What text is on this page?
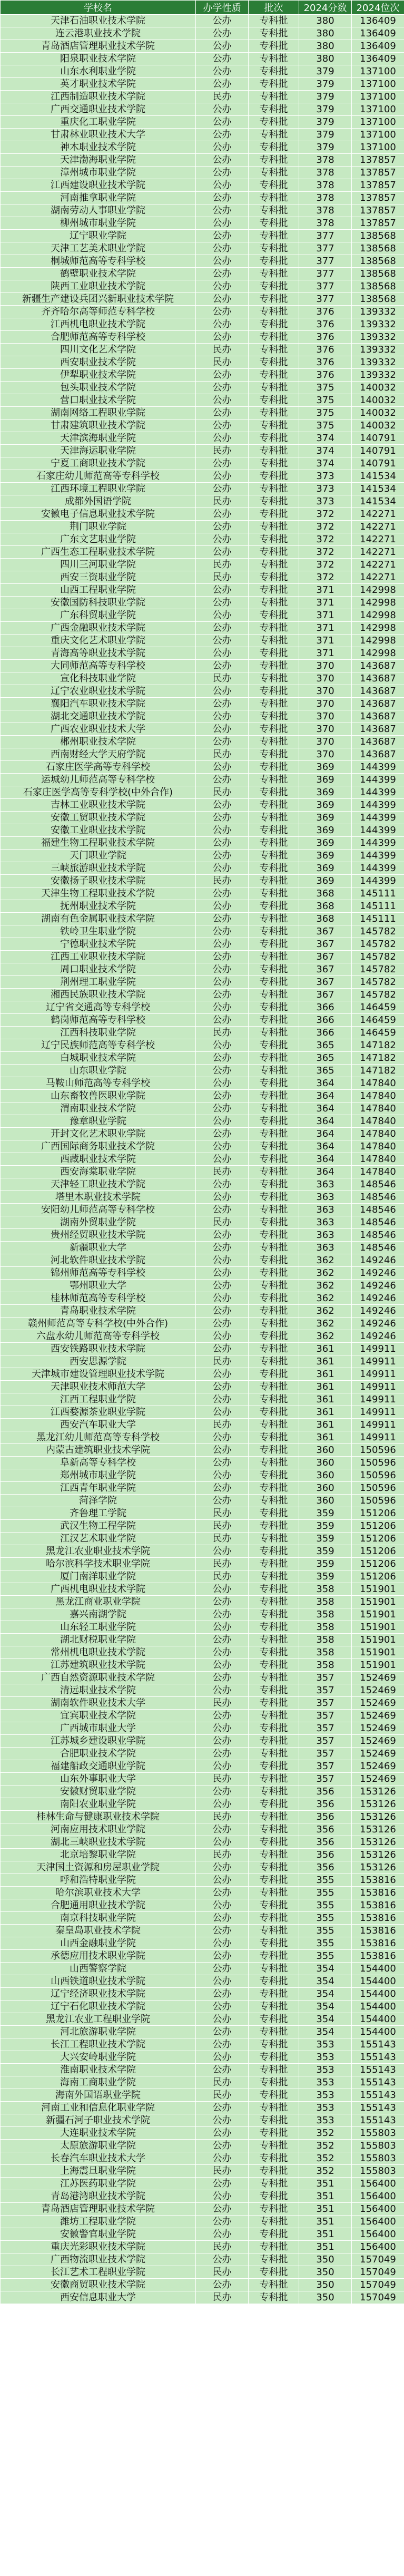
学校名	办学性质	批次	2024分数	2024位次
天津石油职业技术学院	公办	专科批	380	136409
连云港职业技术学院	公办	专科批	380	136409
青岛酒店管理职业技术学院	公办	专科批	380	136409
阳泉职业技术学院	公办	专科批	380	136409
山东水利职业学院	公办	专科批	379	137100
英才职业技术学院	公办	专科批	379	137100
江西制造职业技术学院	民办	专科批	379	137100
广西交通职业技术学院	公办	专科批	379	137100
重庆化工职业学院	公办	专科批	379	137100
甘肃林业职业技术大学	公办	专科批	379	137100
神木职业技术学院	公办	专科批	379	137100
天津渤海职业学院	公办	专科批	378	137857
漳州城市职业学院	公办	专科批	378	137857
江西建设职业技术学院	公办	专科批	378	137857
河南推拿职业学院	公办	专科批	378	137857
湖南劳动人事职业学院	公办	专科批	378	137857
柳州城市职业学院	公办	专科批	378	137857
辽宁职业学院	公办	专科批	377	138568
天津工艺美术职业学院	公办	专科批	377	138568
桐城师范高等专科学校	公办	专科批	377	138568
鹤壁职业技术学院	公办	专科批	377	138568
陕西工业职业技术学院	公办	专科批	377	138568
新疆生产建设兵团兴新职业技术学院	公办	专科批	377	138568
齐齐哈尔高等师范专科学校	公办	专科批	376	139332
江西机电职业技术学院	公办	专科批	376	139332
合肥师范高等专科学校	公办	专科批	376	139332
四川文化艺术学院	民办	专科批	376	139332
西安职业技术学院	民办	专科批	376	139332
伊犁职业技术学院	公办	专科批	376	139332
包头职业技术学院	公办	专科批	375	140032
营口职业技术学院	公办	专科批	375	140032
湖南网络工程职业学院	公办	专科批	375	140032
甘肃建筑职业技术学院	公办	专科批	375	140032
天津滨海职业学院	公办	专科批	374	140791
天津海运职业学院	民办	专科批	374	140791
宁夏工商职业技术学院	公办	专科批	374	140791
石家庄幼儿师范高等专科学校	公办	专科批	373	141534
江西环境工程职业学院	公办	专科批	373	141534
成都外国语学院	民办	专科批	373	141534
安徽电子信息职业技术学院	公办	专科批	372	142271
荆门职业学院	公办	专科批	372	142271
广东文艺职业学院	公办	专科批	372	142271
广西生态工程职业技术学院	公办	专科批	372	142271
四川三河职业学院	民办	专科批	372	142271
西安三资职业学院	民办	专科批	372	142271
山西工程职业学院	公办	专科批	371	142998
安徽国防科技职业学院	公办	专科批	371	142998
广东科贸职业学院	公办	专科批	371	142998
广西金融职业技术学院	公办	专科批	371	142998
重庆文化艺术职业学院	公办	专科批	371	142998
青海高等职业技术学院	公办	专科批	371	142998
大同师范高等专科学校	公办	专科批	370	143687
宣化科技职业学院	民办	专科批	370	143687
辽宁农业职业技术学院	公办	专科批	370	143687
襄阳汽车职业技术学院	公办	专科批	370	143687
湖北交通职业技术学院	公办	专科批	370	143687
广西农业职业技术大学	公办	专科批	370	143687
郴州职业技术学院	公办	专科批	370	143687
西南财经大学天府学院	民办	专科批	370	143687
石家庄医学高等专科学校	公办	专科批	369	144399
运城幼儿师范高等专科学校	公办	专科批	369	144399
石家庄医学高等专科学校(中外合作)	民办	专科批	369	144399
吉林工业职业技术学院	公办	专科批	369	144399
安徽工贸职业技术学院	公办	专科批	369	144399
安徽工业职业技术学院	公办	专科批	369	144399
福建生物工程职业技术学院	公办	专科批	369	144399
天门职业学院	公办	专科批	369	144399
三峡旅游职业技术学院	公办	专科批	369	144399
安徽扬子职业技术学院	民办	专科批	369	144399
天津生物工程职业技术学院	公办	专科批	368	145111
抚州职业技术学院	公办	专科批	368	145111
湖南有色金属职业技术学院	公办	专科批	368	145111
铁岭卫生职业学院	公办	专科批	367	145782
宁德职业技术学院	公办	专科批	367	145782
江西工业职业技术学院	公办	专科批	367	145782
周口职业技术学院	公办	专科批	367	145782
荆州理工职业学院	公办	专科批	367	145782
湘西民族职业技术学院	公办	专科批	367	145782
辽宁省交通高等专科学校	公办	专科批	366	146459
鹤岗师范高等专科学校	公办	专科批	366	146459
江西科技职业学院	民办	专科批	366	146459
辽宁民族师范高等专科学校	公办	专科批	365	147182
白城职业技术学院	公办	专科批	365	147182
山东职业学院	公办	专科批	365	147182
马鞍山师范高等专科学校	公办	专科批	364	147840
山东畜牧兽医职业学院	公办	专科批	364	147840
渭南职业技术学院	公办	专科批	364	147840
豫章职业学院	公办	专科批	364	147840
开封文化艺术职业学院	公办	专科批	364	147840
广西国际商务职业技术学院	公办	专科批	364	147840
西藏职业技术学院	公办	专科批	364	147840
西安海棠职业学院	民办	专科批	364	147840
天津轻工职业技术学院	公办	专科批	363	148546
塔里木职业技术学院	公办	专科批	363	148546
安阳幼儿师范高等专科学校	公办	专科批	363	148546
湖南外贸职业学院	民办	专科批	363	148546
贵州经贸职业技术学院	公办	专科批	363	148546
新疆职业大学	公办	专科批	363	148546
河北软件职业技术学院	公办	专科批	362	149246
锦州师范高等专科学校	公办	专科批	362	149246
鄂州职业大学	公办	专科批	362	149246
桂林师范高等专科学校	公办	专科批	362	149246
青岛职业技术学院	公办	专科批	362	149246
赣州师范高等专科学校(中外合作)	公办	专科批	362	149246
六盘水幼儿师范高等专科学校	公办	专科批	362	149246
西安铁路职业技术学院	公办	专科批	361	149911
西安思源学院	民办	专科批	361	149911
天津城市建设管理职业技术学院	公办	专科批	361	149911
天津职业技术师范大学	公办	专科批	361	149911
江西工程职业学院	公办	专科批	361	149911
江西婺源茶业职业学院	公办	专科批	361	149911
西安汽车职业大学	民办	专科批	361	149911
黑龙江幼儿师范高等专科学校	公办	专科批	361	149911
内蒙古建筑职业技术学院	公办	专科批	360	150596
阜新高等专科学校	公办	专科批	360	150596
郑州城市职业学院	公办	专科批	360	150596
江西青年职业学院	公办	专科批	360	150596
菏泽学院	公办	专科批	360	150596
齐鲁理工学院	民办	专科批	359	151206
武汉生物工程学院	民办	专科批	359	151206
江汉艺术职业学院	民办	专科批	359	151206
黑龙江农业职业技术学院	公办	专科批	359	151206
哈尔滨科学技术职业学院	民办	专科批	359	151206
厦门南洋职业学院	民办	专科批	359	151206
广西机电职业技术学院	公办	专科批	358	151901
黑龙江商业职业学院	公办	专科批	358	151901
嘉兴南湖学院	公办	专科批	358	151901
山东轻工职业学院	公办	专科批	358	151901
湖北财税职业学院	公办	专科批	358	151901
常州机电职业技术学院	公办	专科批	358	151901
江苏建筑职业技术学院	公办	专科批	358	151901
广西自然资源职业技术学院	公办	专科批	357	152469
清远职业技术学院	公办	专科批	357	152469
湖南软件职业技术大学	民办	专科批	357	152469
宜宾职业技术学院	公办	专科批	357	152469
广西城市职业大学	公办	专科批	357	152469
江苏城乡建设职业学院	公办	专科批	357	152469
合肥职业技术学院	公办	专科批	357	152469
福建船政交通职业学院	公办	专科批	357	152469
山东外事职业大学	民办	专科批	357	152469
安徽财贸职业学院	公办	专科批	356	153126
南阳农业职业学院	公办	专科批	356	153126
桂林生命与健康职业技术学院	民办	专科批	356	153126
河南应用技术职业学院	公办	专科批	356	153126
湖北三峡职业技术学院	公办	专科批	356	153126
北京培黎职业学院	民办	专科批	356	153126
天津国土资源和房屋职业学院	公办	专科批	356	153126
呼和浩特职业学院	公办	专科批	355	153816
哈尔滨职业技术大学	公办	专科批	355	153816
合肥通用职业技术学院	公办	专科批	355	153816
南京科技职业学院	公办	专科批	355	153816
秦皇岛职业技术学院	公办	专科批	355	153816
山西金融职业学院	公办	专科批	355	153816
承德应用技术职业学院	公办	专科批	355	153816
山西警察学院	公办	专科批	354	154400
山西铁道职业技术学院	公办	专科批	354	154400
辽宁经济职业技术学院	公办	专科批	354	154400
辽宁石化职业技术学院	公办	专科批	354	154400
黑龙江农业工程职业学院	公办	专科批	354	154400
河北旅游职业学院	公办	专科批	354	154400
长江工程职业技术学院	公办	专科批	353	155143
大兴安岭职业学院	公办	专科批	353	155143
淮南职业技术学院	公办	专科批	353	155143
海南工商职业学院	民办	专科批	353	155143
海南外国语职业学院	民办	专科批	353	155143
河南工业和信息化职业学院	公办	专科批	353	155143
新疆石河子职业技术学院	公办	专科批	353	155143
大连职业技术学院	公办	专科批	352	155803
太原旅游职业学院	公办	专科批	352	155803
长春汽车职业技术大学	公办	专科批	352	155803
上海震旦职业学院	民办	专科批	352	155803
江苏医药职业学院	公办	专科批	351	156400
青岛港湾职业技术学院	公办	专科批	351	156400
青岛酒店管理职业技术学院	公办	专科批	351	156400
潍坊工程职业学院	公办	专科批	351	156400
安徽警官职业学院	公办	专科批	351	156400
重庆光彩职业技术学院	民办	专科批	351	156400
广西物流职业技术学院	公办	专科批	350	157049
长江艺术工程职业学院	民办	专科批	350	157049
安徽商贸职业技术学院	公办	专科批	350	157049
西安信息职业大学	民办	专科批	350	157049
